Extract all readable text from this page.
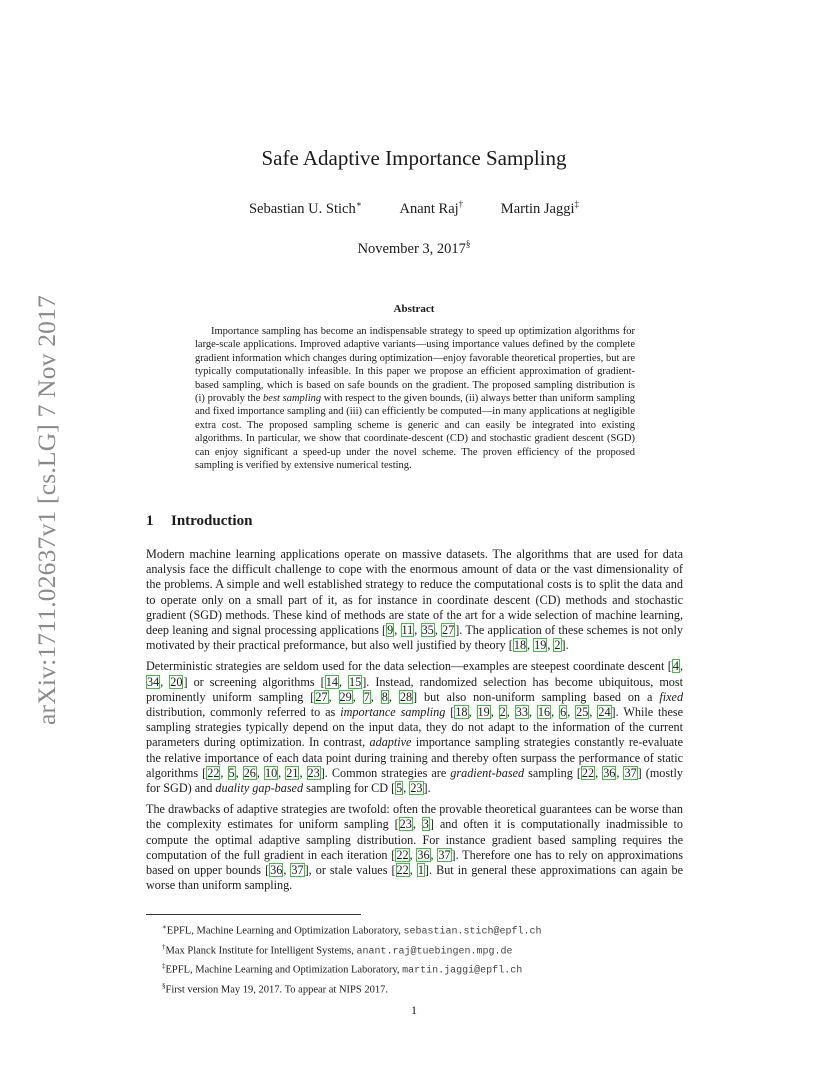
arXiv:1711.02637v1 [cs.LG] 7 Nov 2017
Safe Adaptive Importance Sampling
Sebastian U. Stich∗	Anant Raj†	Martin Jaggi‡
November 3, 2017§
Abstract

Importance sampling has become an indispensable strategy to speed up optimization algorithms for large-scale applications. Improved adaptive variants—using importance values defined by the complete gradient information which changes during optimization—enjoy favorable theoretical properties, but are typically computationally infeasible. In this paper we propose an efficient approximation of gradient-based sampling, which is based on safe bounds on the gradient. The proposed sampling distribution is (i) provably the best sampling with respect to the given bounds, (ii) always better than uniform sampling and fixed importance sampling and (iii) can efficiently be computed—in many applications at negligible extra cost. The proposed sampling scheme is generic and can easily be integrated into existing algorithms. In particular, we show that coordinate-descent (CD) and stochastic gradient descent (SGD) can enjoy significant a speed-up under the novel scheme. The proven efficiency of the proposed sampling is verified by extensive numerical testing.

1 Introduction

Modern machine learning applications operate on massive datasets. The algorithms that are used for data analysis face the difficult challenge to cope with the enormous amount of data or the vast dimensionality of the problems. A simple and well established strategy to reduce the computational costs is to split the data and to operate only on a small part of it, as for instance in coordinate descent (CD) methods and stochastic gradient (SGD) methods. These kind of methods are state of the art for a wide selection of machine learning, deep leaning and signal processing applications [9, 11, 35, 27]. The application of these schemes is not only motivated by their practical preformance, but also well justified by theory [18, 19, 2].

Deterministic strategies are seldom used for the data selection—examples are steepest coordinate descent [4, 34, 20] or screening algorithms [14, 15]. Instead, randomized selection has become ubiquitous, most prominently uniform sampling [27, 29, 7, 8, 28] but also non-uniform sampling based on a fixed distribution, commonly referred to as importance sampling [18, 19, 2, 33, 16, 6, 25, 24]. While these sampling strategies typically depend on the input data, they do not adapt to the information of the current parameters during optimization. In contrast, adaptive importance sampling strategies constantly re-evaluate the relative importance of each data point during training and thereby often surpass the performance of static algorithms [22, 5, 26, 10, 21, 23]. Common strategies are gradient-based sampling [22, 36, 37] (mostly for SGD) and duality gap-based sampling for CD [5, 23].

The drawbacks of adaptive strategies are twofold: often the provable theoretical guarantees can be worse than the complexity estimates for uniform sampling [23, 3] and often it is computationally inadmissible to compute the optimal adaptive sampling distribution. For instance gradient based sampling requires the computation of the full gradient in each iteration [22, 36, 37]. Therefore one has to rely on approximations based on upper bounds [36, 37], or stale values [22, 1]. But in general these approximations can again be worse than uniform sampling.

∗EPFL, Machine Learning and Optimization Laboratory, sebastian.stich@epfl.ch

†Max Planck Institute for Intelligent Systems, anant.raj@tuebingen.mpg.de

‡EPFL, Machine Learning and Optimization Laboratory, martin.jaggi@epfl.ch

§First version May 19, 2017. To appear at NIPS 2017.

1
